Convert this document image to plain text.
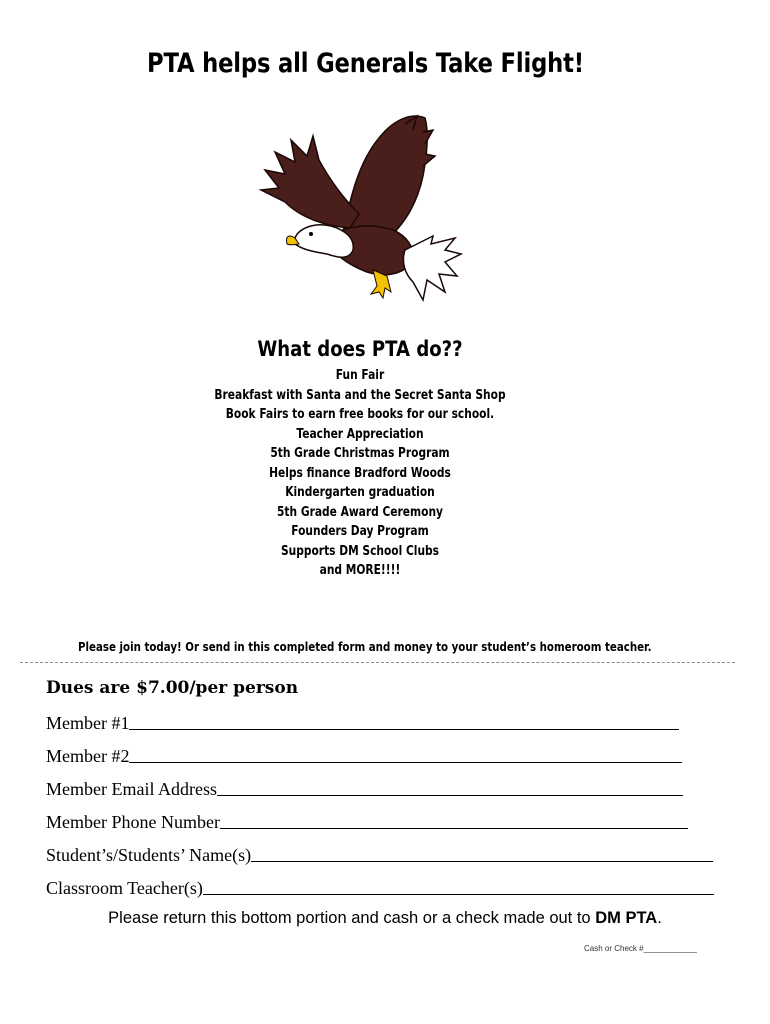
PTA helps all Generals Take Flight!
What does PTA do??
Fun Fair
Breakfast with Santa and the Secret Santa Shop
Book Fairs to earn free books for our school.
Teacher Appreciation
5th Grade Christmas Program
Helps finance Bradford Woods
Kindergarten graduation
5th Grade Award Ceremony
Founders Day Program
Supports DM School Clubs
and MORE!!!!
Please join today! Or send in this completed form and money to your student’s homeroom teacher.
Dues are $7.00/per person
Member #1
Member #2
Member Email Address
Member Phone Number
Student’s/Students’ Name(s)
Classroom Teacher(s)
Please return this bottom portion and cash or a check made out to DM PTA.
Cash or Check #____________
